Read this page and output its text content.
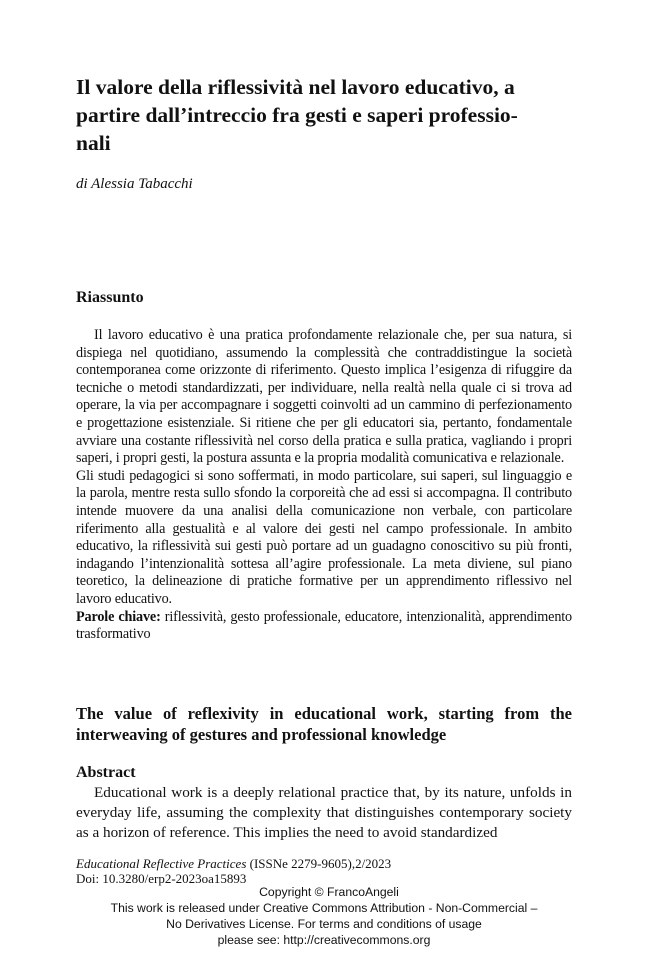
Il valore della riflessività nel lavoro educativo, a
partire dall’intreccio fra gesti e saperi professio-
nali

di Alessia Tabacchi

Riassunto

Il lavoro educativo è una pratica profondamente relazionale che, per sua natura, si dispiega nel quotidiano, assumendo la complessità che contraddistingue la società contemporanea come orizzonte di riferimento. Questo implica l’esigenza di rifuggire da tecniche o metodi standardizzati, per individuare, nella realtà nella quale ci si trova ad operare, la via per accompagnare i soggetti coinvolti ad un cammino di perfezionamento e progettazione esistenziale. Si ritiene che per gli educatori sia, pertanto, fondamentale avviare una costante riflessività nel corso della pratica e sulla pratica, vagliando i propri saperi, i propri gesti, la postura assunta e la propria modalità comunicativa e relazionale.

Gli studi pedagogici si sono soffermati, in modo particolare, sui saperi, sul linguaggio e la parola, mentre resta sullo sfondo la corporeità che ad essi si accompagna. Il contributo intende muovere da una analisi della comunicazione non verbale, con particolare riferimento alla gestualità e al valore dei gesti nel campo professionale. In ambito educativo, la riflessività sui gesti può portare ad un guadagno conoscitivo su più fronti, indagando l’intenzionalità sottesa all’agire professionale. La meta diviene, sul piano teoretico, la delineazione di pratiche formative per un apprendimento riflessivo nel lavoro educativo.

Parole chiave: riflessività, gesto professionale, educatore, intenzionalità, apprendimento trasformativo

The value of reflexivity in educational work, starting from the interweaving of gestures and professional knowledge
Abstract

Educational work is a deeply relational practice that, by its nature, unfolds in everyday life, assuming the complexity that distinguishes contemporary society as a horizon of reference. This implies the need to avoid standardized

Educational Reflective Practices (ISSNe 2279-9605),2/2023
Doi: 10.3280/erp2-2023oa15893

Copyright © FrancoAngeli
This work is released under Creative Commons Attribution - Non-Commercial –
No Derivatives License. For terms and conditions of usage
please see: http://creativecommons.org
